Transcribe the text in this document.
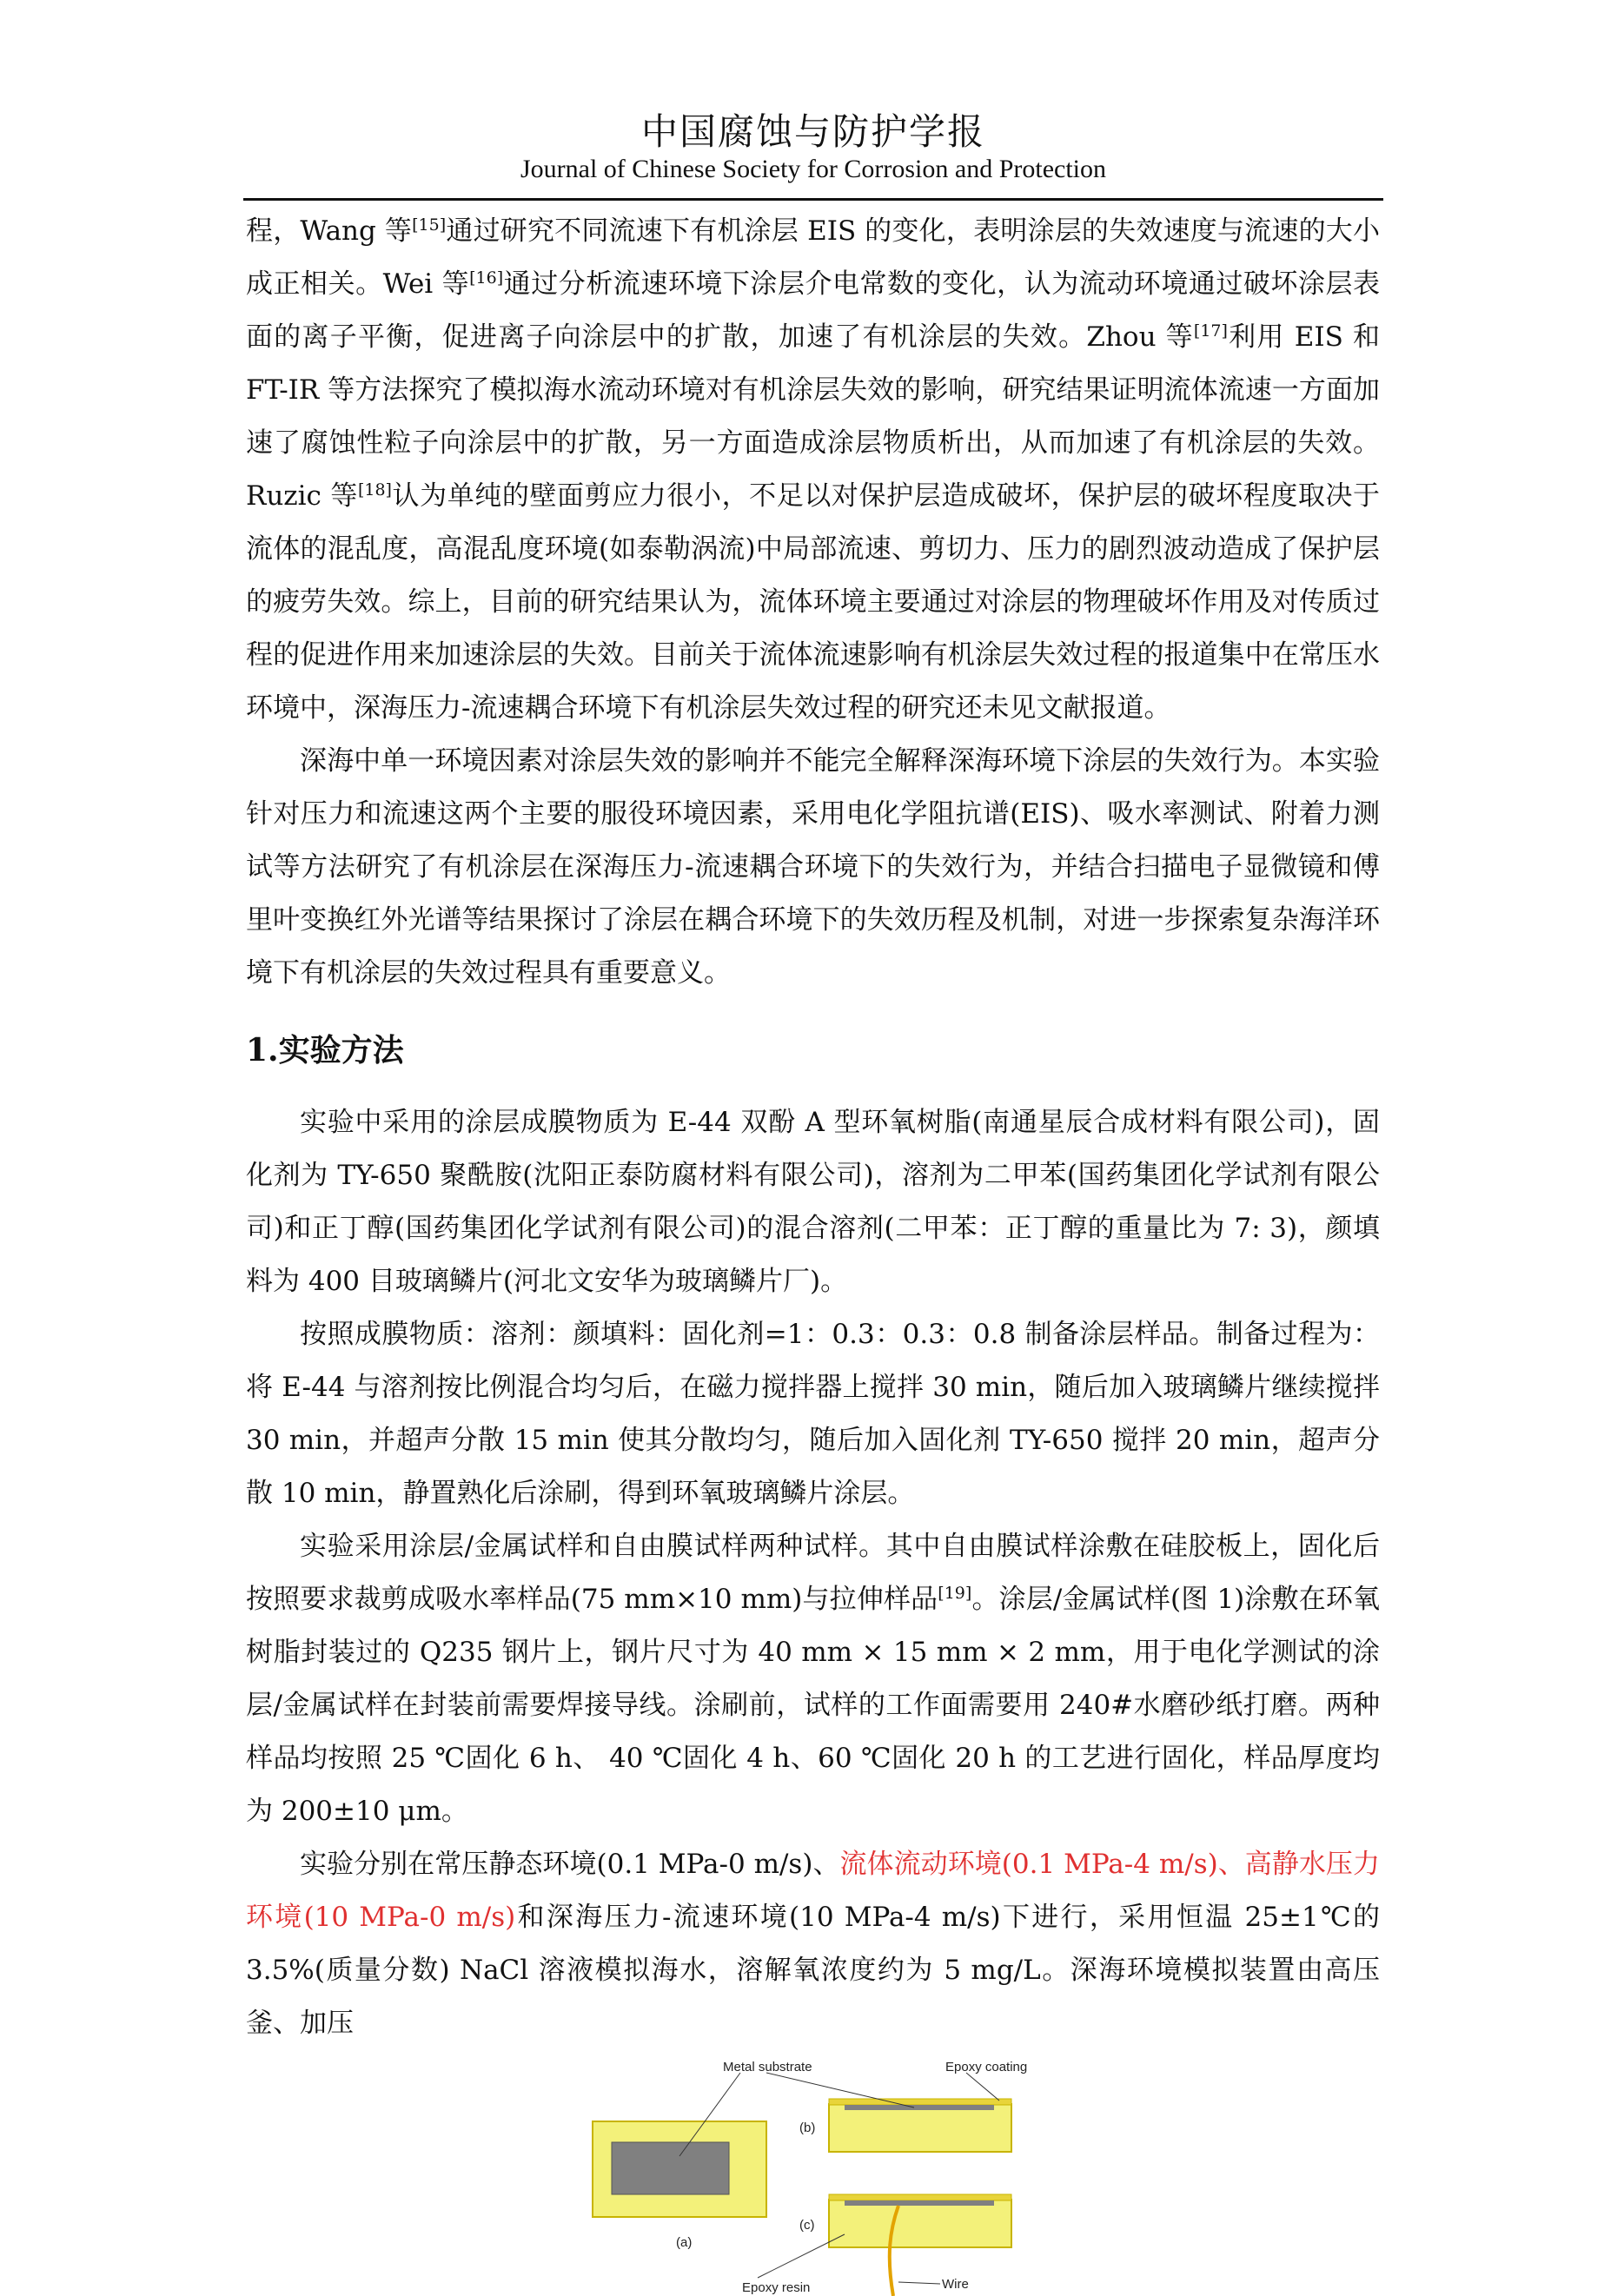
中国腐蚀与防护学报
Journal of Chinese Society for Corrosion and Protection

程，Wang 等[15]通过研究不同流速下有机涂层 EIS 的变化，表明涂层的失效速度与流速的大小成正相关。Wei 等[16]通过分析流速环境下涂层介电常数的变化，认为流动环境通过破坏涂层表面的离子平衡，促进离子向涂层中的扩散，加速了有机涂层的失效。Zhou 等[17]利用 EIS 和 FT-IR 等方法探究了模拟海水流动环境对有机涂层失效的影响，研究结果证明流体流速一方面加速了腐蚀性粒子向涂层中的扩散，另一方面造成涂层物质析出，从而加速了有机涂层的失效。Ruzic 等[18]认为单纯的壁面剪应力很小，不足以对保护层造成破坏，保护层的破坏程度取决于流体的混乱度，高混乱度环境(如泰勒涡流)中局部流速、剪切力、压力的剧烈波动造成了保护层的疲劳失效。综上，目前的研究结果认为，流体环境主要通过对涂层的物理破坏作用及对传质过程的促进作用来加速涂层的失效。目前关于流体流速影响有机涂层失效过程的报道集中在常压水环境中，深海压力-流速耦合环境下有机涂层失效过程的研究还未见文献报道。

深海中单一环境因素对涂层失效的影响并不能完全解释深海环境下涂层的失效行为。本实验针对压力和流速这两个主要的服役环境因素，采用电化学阻抗谱(EIS)、吸水率测试、附着力测试等方法研究了有机涂层在深海压力-流速耦合环境下的失效行为，并结合扫描电子显微镜和傅里叶变换红外光谱等结果探讨了涂层在耦合环境下的失效历程及机制，对进一步探索复杂海洋环境下有机涂层的失效过程具有重要意义。

1.实验方法

实验中采用的涂层成膜物质为 E-44 双酚 A 型环氧树脂(南通星辰合成材料有限公司)，固化剂为 TY-650 聚酰胺(沈阳正泰防腐材料有限公司)，溶剂为二甲苯(国药集团化学试剂有限公司)和正丁醇(国药集团化学试剂有限公司)的混合溶剂(二甲苯：正丁醇的重量比为 7: 3)，颜填料为 400 目玻璃鳞片(河北文安华为玻璃鳞片厂)。

按照成膜物质：溶剂：颜填料：固化剂=1：0.3：0.3：0.8 制备涂层样品。制备过程为：将 E-44 与溶剂按比例混合均匀后，在磁力搅拌器上搅拌 30 min，随后加入玻璃鳞片继续搅拌 30 min，并超声分散 15 min 使其分散均匀，随后加入固化剂 TY-650 搅拌 20 min，超声分散 10 min，静置熟化后涂刷，得到环氧玻璃鳞片涂层。

实验采用涂层/金属试样和自由膜试样两种试样。其中自由膜试样涂敷在硅胶板上，固化后按照要求裁剪成吸水率样品(75 mm×10 mm)与拉伸样品[19]。涂层/金属试样(图 1)涂敷在环氧树脂封装过的 Q235 钢片上，钢片尺寸为 40 mm × 15 mm × 2 mm，用于电化学测试的涂层/金属试样在封装前需要焊接导线。涂刷前，试样的工作面需要用 240#水磨砂纸打磨。两种样品均按照 25 ℃固化 6 h、 40 ℃固化 4 h、60 ℃固化 20 h 的工艺进行固化，样品厚度均为 200±10 μm。

实验分别在常压静态环境(0.1 MPa-0 m/s)、流体流动环境(0.1 MPa-4 m/s)、高静水压力环境(10 MPa-0 m/s)和深海压力-流速环境(10 MPa-4 m/s)下进行，采用恒温 25±1℃的 3.5%(质量分数) NaCl 溶液模拟海水，溶解氧浓度约为 5 mg/L。深海环境模拟装置由高压釜、加压

Metal substrate	Epoxy coating
(b)
(a)
(c)
Epoxy resin	Wire
